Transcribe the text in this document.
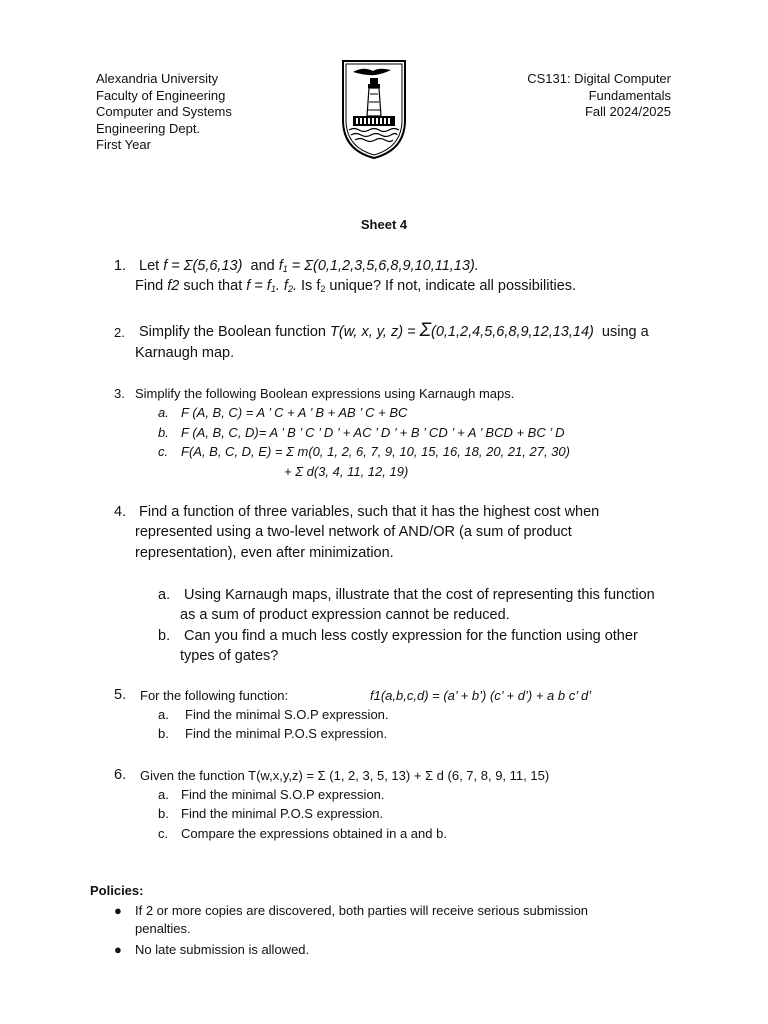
Alexandria University
Faculty of Engineering
Computer and Systems
Engineering Dept.
First Year
CS131: Digital Computer
Fundamentals
Fall 2024/2025
Sheet 4
1. Let f = Σ(5,6,13) and $f_1 = \Sigma(0,1,2,3,5,6,8,9,10,11,13)$.
Find f2 such that $f = f_1$. $f_2$. Is $f_2$ unique? If not, indicate all possibilities.
2. Simplify the Boolean function T(w, x, y, z) = Σ(0,1,2,4,5,6,8,9,12,13,14) using a
Karnaugh map.
3. Simplify the following Boolean expressions using Karnaugh maps.
a. F (A, B, C) = A ’ C + A ’ B + AB ’ C + BC
b. F (A, B, C, D)= A ’ B ’ C ’ D ’ + AC ’ D ’ + B ’ CD ’ + A ’ BCD + BC ’ D
c. F(A, B, C, D, E) = Σ m(0, 1, 2, 6, 7, 9, 10, 15, 16, 18, 20, 21, 27, 30)
+ Σ d(3, 4, 11, 12, 19)
4. Find a function of three variables, such that it has the highest cost when
represented using a two-level network of AND/OR (a sum of product
representation), even after minimization.
a. Using Karnaugh maps, illustrate that the cost of representing this function
as a sum of product expression cannot be reduced.
b. Can you find a much less costly expression for the function using other
types of gates?
5. For the following function:	f1(a,b,c,d) = (a’ + b’) (c’ + d’) + a b c’ d’
a. Find the minimal S.O.P expression.
b. Find the minimal P.O.S expression.
6. Given the function T(w,x,y,z) = Σ (1, 2, 3, 5, 13) + Σ d (6, 7, 8, 9, 11, 15)
a. Find the minimal S.O.P expression.
b. Find the minimal P.O.S expression.
c. Compare the expressions obtained in a and b.
Policies:
● If 2 or more copies are discovered, both parties will receive serious submission
penalties.
● No late submission is allowed.
